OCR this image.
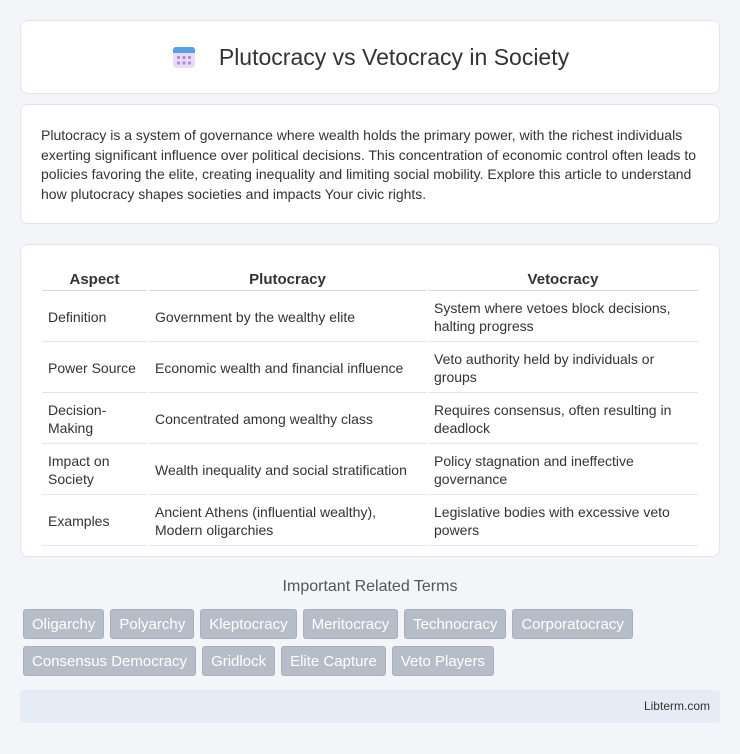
Plutocracy vs Vetocracy in Society

Plutocracy is a system of governance where wealth holds the primary power, with the richest individuals exerting significant influence over political decisions. This concentration of economic control often leads to policies favoring the elite, creating inequality and limiting social mobility. Explore this article to understand how plutocracy shapes societies and impacts Your civic rights.

Aspect	Plutocracy	Vetocracy
Definition	Government by the wealthy elite	System where vetoes block decisions, halting progress
Power Source	Economic wealth and financial influence	Veto authority held by individuals or groups
Decision-Making	Concentrated among wealthy class	Requires consensus, often resulting in deadlock
Impact on Society	Wealth inequality and social stratification	Policy stagnation and ineffective governance
Examples	Ancient Athens (influential wealthy), Modern oligarchies	Legislative bodies with excessive veto powers
Important Related Terms
Oligarchy	Polyarchy	Kleptocracy	Meritocracy	Technocracy	Corporatocracy
Consensus Democracy	Gridlock	Elite Capture	Veto Players
Libterm.com
